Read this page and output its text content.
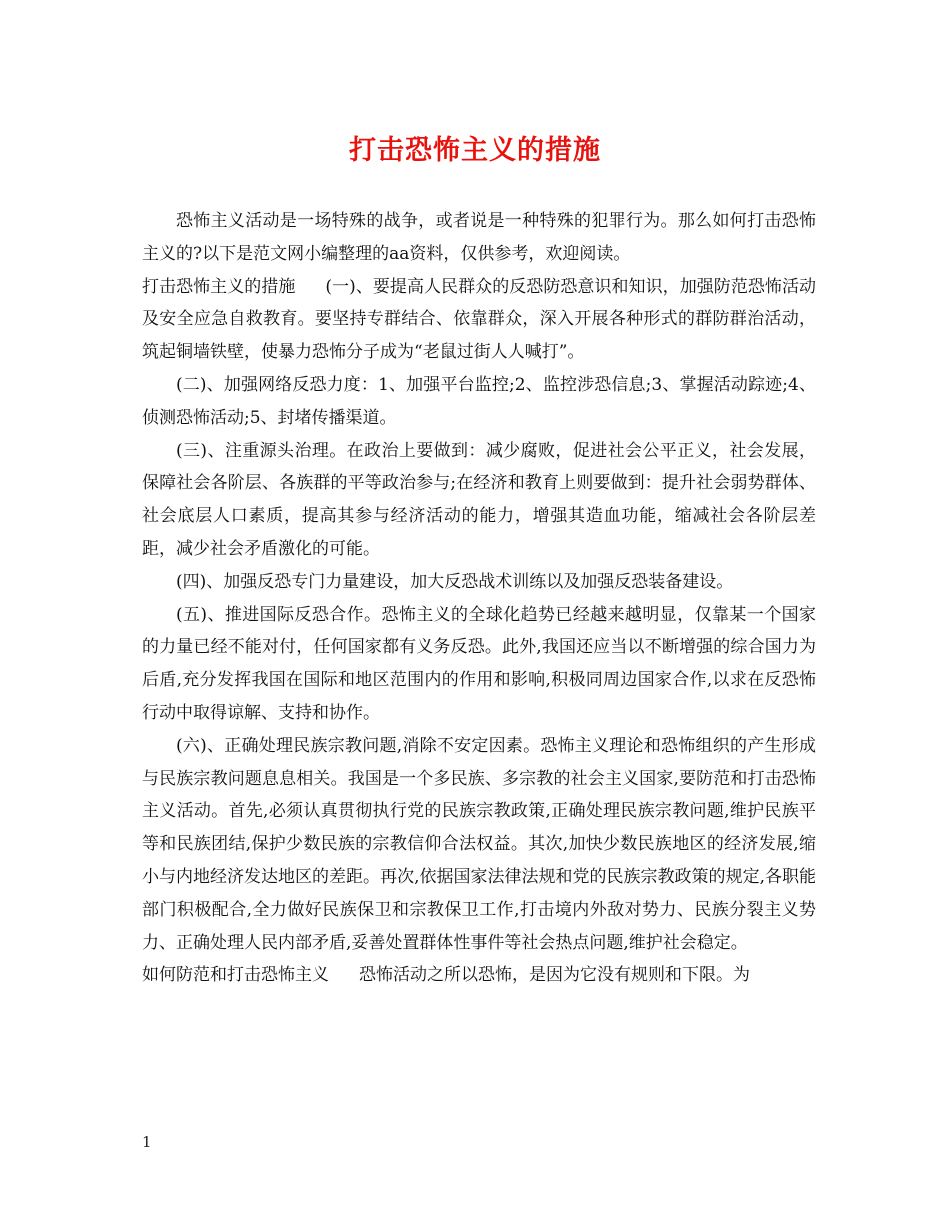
打击恐怖主义的措施

恐怖主义活动是一场特殊的战争，或者说是一种特殊的犯罪行为。那么如何打击恐怖主义的?以下是范文网小编整理的aa资料，仅供参考，欢迎阅读。

打击恐怖主义的措施 (一)、要提高人民群众的反恐防恐意识和知识，加强防范恐怖活动及安全应急自救教育。要坚持专群结合、依靠群众，深入开展各种形式的群防群治活动，筑起铜墙铁壁，使暴力恐怖分子成为“老鼠过街人人喊打”。

(二)、加强网络反恐力度：1、加强平台监控;2、监控涉恐信息;3、掌握活动踪迹;4、侦测恐怖活动;5、封堵传播渠道。

(三)、注重源头治理。在政治上要做到：减少腐败，促进社会公平正义，社会发展，保障社会各阶层、各族群的平等政治参与;在经济和教育上则要做到：提升社会弱势群体、社会底层人口素质，提高其参与经济活动的能力，增强其造血功能，缩减社会各阶层差距，减少社会矛盾激化的可能。

(四)、加强反恐专门力量建设，加大反恐战术训练以及加强反恐装备建设。

(五)、推进国际反恐合作。恐怖主义的全球化趋势已经越来越明显，仅靠某一个国家的力量已经不能对付，任何国家都有义务反恐。此外,我国还应当以不断增强的综合国力为后盾,充分发挥我国在国际和地区范围内的作用和影响,积极同周边国家合作,以求在反恐怖行动中取得谅解、支持和协作。

(六)、正确处理民族宗教问题,消除不安定因素。恐怖主义理论和恐怖组织的产生形成与民族宗教问题息息相关。我国是一个多民族、多宗教的社会主义国家,要防范和打击恐怖主义活动。首先,必须认真贯彻执行党的民族宗教政策,正确处理民族宗教问题,维护民族平等和民族团结,保护少数民族的宗教信仰合法权益。其次,加快少数民族地区的经济发展,缩小与内地经济发达地区的差距。再次,依据国家法律法规和党的民族宗教政策的规定,各职能部门积极配合,全力做好民族保卫和宗教保卫工作,打击境内外敌对势力、民族分裂主义势力、正确处理人民内部矛盾,妥善处置群体性事件等社会热点问题,维护社会稳定。

如何防范和打击恐怖主义 恐怖活动之所以恐怖，是因为它没有规则和下限。为

1
